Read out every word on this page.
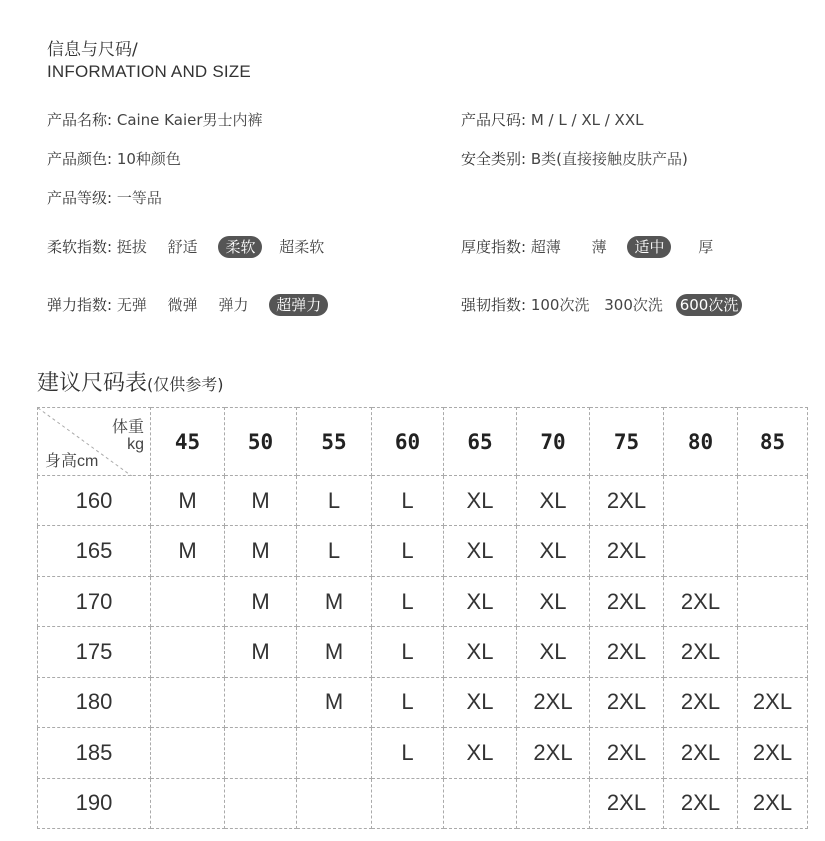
信息与尺码/
INFORMATION AND SIZE
产品名称: Caine Kaier男士内裤	产品尺码: M / L / XL / XXL
产品颜色: 10种颜色	安全类别: B类(直接接触皮肤产品)
产品等级: 一等品
柔软指数: 挺拔 舒适 柔软 超柔软	厚度指数: 超薄 薄 适中 厚
弹力指数: 无弹 微弹 弹力 超弹力	强韧指数: 100次洗 300次洗 600次洗
建议尺码表(仅供参考)
体重
kg
身高cm	45	50	55	60	65	70	75	80	85
160	M	M	L	L	XL	XL	2XL		
165	M	M	L	L	XL	XL	2XL		
170		M	M	L	XL	XL	2XL	2XL	
175		M	M	L	XL	XL	2XL	2XL	
180			M	L	XL	2XL	2XL	2XL	2XL
185				L	XL	2XL	2XL	2XL	2XL
190							2XL	2XL	2XL
